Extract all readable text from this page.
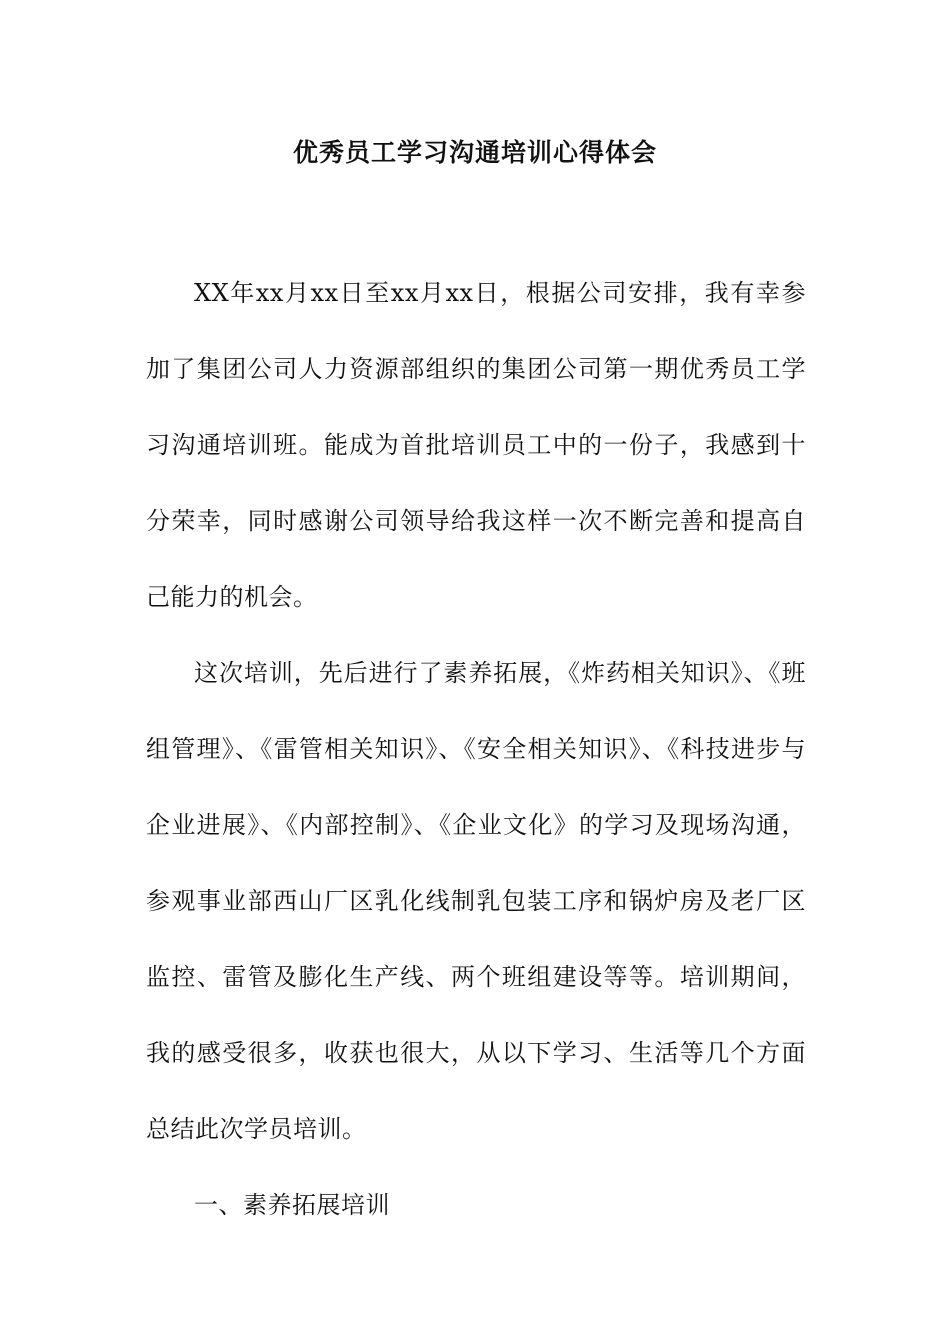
优秀员工学习沟通培训心得体会

XX年xx月xx日至xx月xx日，根据公司安排，我有幸参加了集团公司人力资源部组织的集团公司第一期优秀员工学习沟通培训班。能成为首批培训员工中的一份子，我感到十分荣幸，同时感谢公司领导给我这样一次不断完善和提高自己能力的机会。

这次培训，先后进行了素养拓展，《炸药相关知识》、《班组管理》、《雷管相关知识》、《安全相关知识》、《科技进步与企业进展》、《内部控制》、《企业文化》的学习及现场沟通，参观事业部西山厂区乳化线制乳包装工序和锅炉房及老厂区监控、雷管及膨化生产线、两个班组建设等等。培训期间，我的感受很多，收获也很大，从以下学习、生活等几个方面总结此次学员培训。

一、素养拓展培训
